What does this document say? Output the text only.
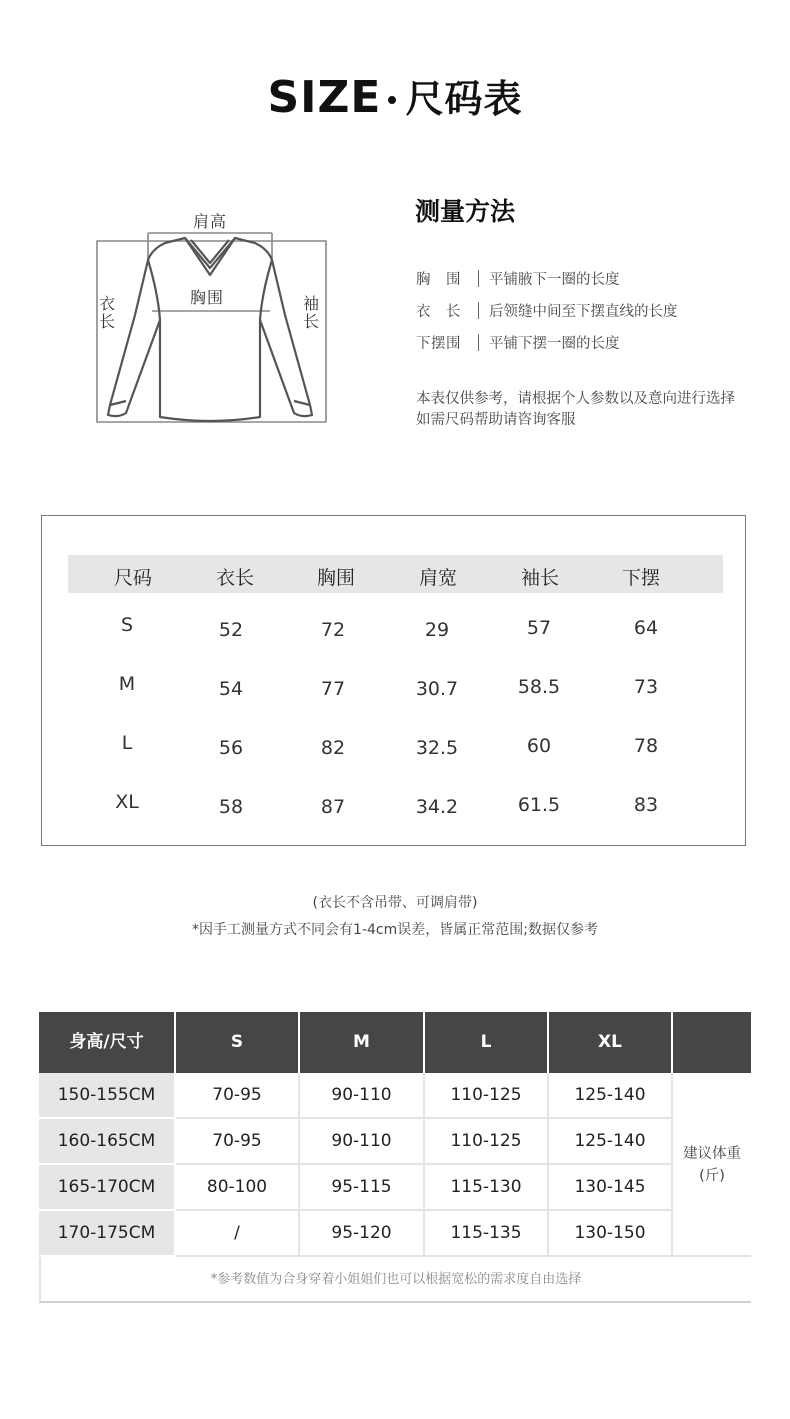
SIZE 尺码表
肩高
胸围
衣长
袖长
测量方法
胸　围	平铺腋下一圈的长度
衣　长	后领缝中间至下摆直线的长度
下摆围	平铺下摆一圈的长度
本表仅供参考，请根据个人参数以及意向进行选择
如需尺码帮助请咨询客服
尺码	衣长	胸围	肩宽	袖长	下摆
S	52	72	29	57	64
M	54	77	30.7	58.5	73
L	56	82	32.5	60	78
XL	58	87	34.2	61.5	83
(衣长不含吊带、可调肩带)
*因手工测量方式不同会有1-4cm误差，皆属正常范围;数据仅参考
身高/尺寸	S	M	L	XL
150-155CM	70-95	90-110	110-125	125-140
160-165CM	70-95	90-110	110-125	125-140
165-170CM	80-100	95-115	115-130	130-145
170-175CM	/	95-120	115-135	130-150
建议体重
(斤)
*参考数值为合身穿着小姐姐们也可以根据宽松的需求度自由选择
